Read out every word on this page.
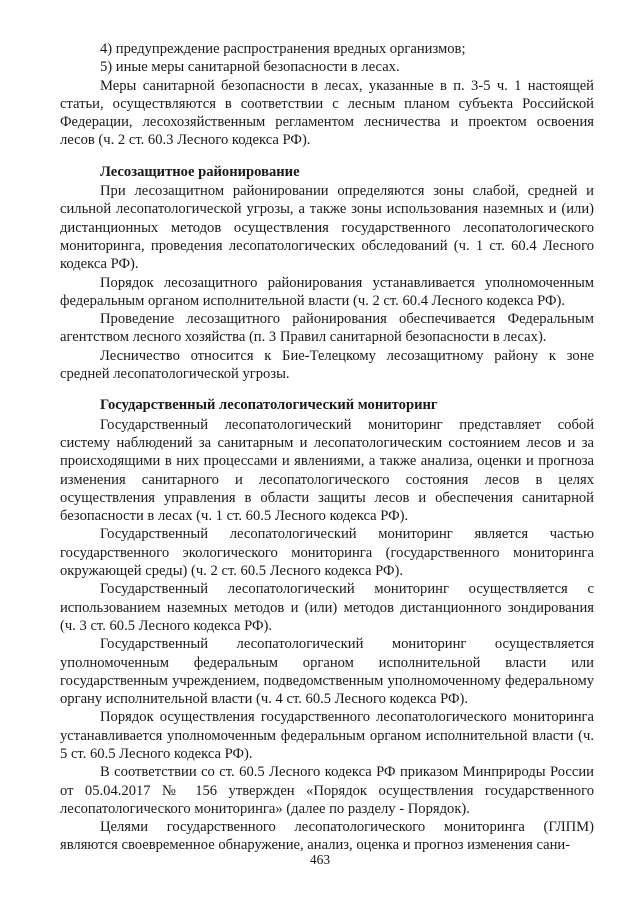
4) предупреждение распространения вредных организмов;

5) иные меры санитарной безопасности в лесах.

Меры санитарной безопасности в лесах, указанные в п. 3-5 ч. 1 настоящей статьи, осуществляются в соответствии с лесным планом субъекта Российской Федерации, лесохозяйственным регламентом лесничества и проектом освоения лесов (ч. 2 ст. 60.3 Лесного кодекса РФ).

Лесозащитное районирование

При лесозащитном районировании определяются зоны слабой, средней и сильной лесопатологической угрозы, а также зоны использования наземных и (или) дистанционных методов осуществления государственного лесопатологического мониторинга, проведения лесопатологических обследований (ч. 1 ст. 60.4 Лесного кодекса РФ).

Порядок лесозащитного районирования устанавливается уполномоченным федеральным органом исполнительной власти (ч. 2 ст. 60.4 Лесного кодекса РФ).

Проведение лесозащитного районирования обеспечивается Федеральным агентством лесного хозяйства (п. 3 Правил санитарной безопасности в лесах).

Лесничество относится к Бие-Телецкому лесозащитному району к зоне средней лесопатологической угрозы.

Государственный лесопатологический мониторинг

Государственный лесопатологический мониторинг представляет собой систему наблюдений за санитарным и лесопатологическим состоянием лесов и за происходящими в них процессами и явлениями, а также анализа, оценки и прогноза изменения санитарного и лесопатологического состояния лесов в целях осуществления управления в области защиты лесов и обеспечения санитарной безопасности в лесах (ч. 1 ст. 60.5 Лесного кодекса РФ).

Государственный лесопатологический мониторинг является частью государственного экологического мониторинга (государственного мониторинга окружающей среды) (ч. 2 ст. 60.5 Лесного кодекса РФ).

Государственный лесопатологический мониторинг осуществляется с использованием наземных методов и (или) методов дистанционного зондирования (ч. 3 ст. 60.5 Лесного кодекса РФ).

Государственный лесопатологический мониторинг осуществляется уполномоченным федеральным органом исполнительной власти или государственным учреждением, подведомственным уполномоченному федеральному органу исполнительной власти (ч. 4 ст. 60.5 Лесного кодекса РФ).

Порядок осуществления государственного лесопатологического мониторинга устанавливается уполномоченным федеральным органом исполнительной власти (ч. 5 ст. 60.5 Лесного кодекса РФ).

В соответствии со ст. 60.5 Лесного кодекса РФ приказом Минприроды России от 05.04.2017 № 156 утвержден «Порядок осуществления государственного лесопатологического мониторинга» (далее по разделу - Порядок).

Целями государственного лесопатологического мониторинга (ГЛПМ) являются своевременное обнаружение, анализ, оценка и прогноз изменения сани-

463
